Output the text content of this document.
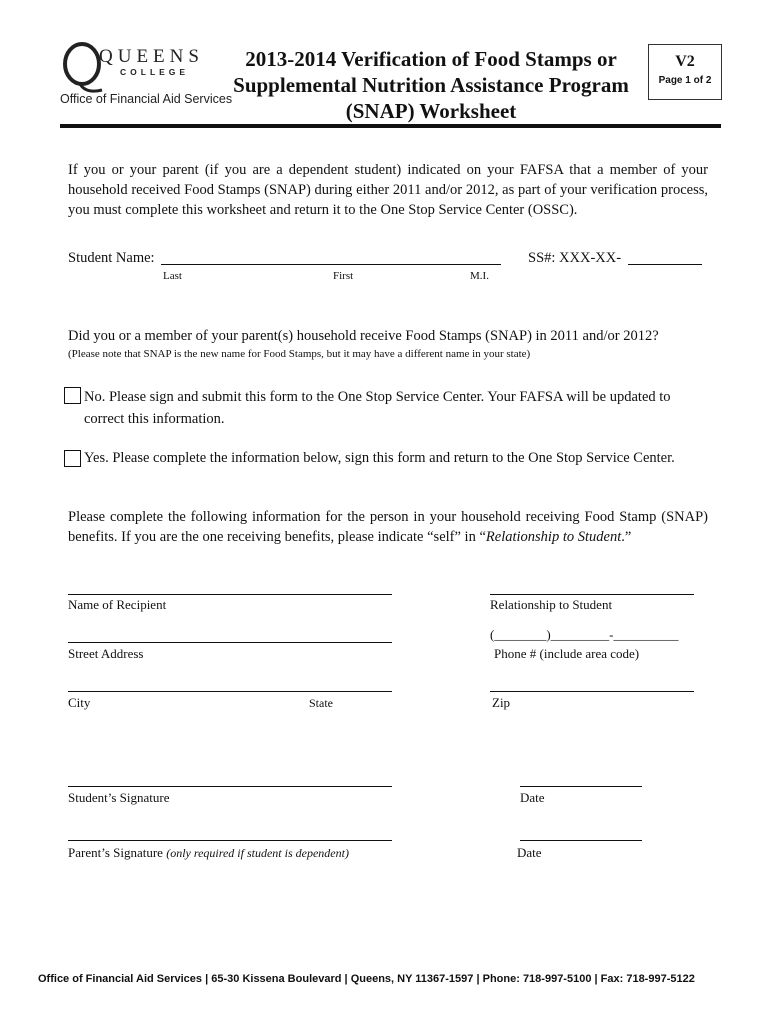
QUEENS
COLLEGE
Office of Financial Aid Services
2013-2014 Verification of Food Stamps or
Supplemental Nutrition Assistance Program
(SNAP) Worksheet
V2
Page 1 of 2
If you or your parent (if you are a dependent student) indicated on your FAFSA that a member of your household received Food Stamps (SNAP) during either 2011 and/or 2012, as part of your verification process, you must complete this worksheet and return it to the One Stop Service Center (OSSC).
Student Name:	SS#: XXX-XX-
Last	First	M.I.
Did you or a member of your parent(s) household receive Food Stamps (SNAP) in 2011 and/or 2012?
(Please note that SNAP is the new name for Food Stamps, but it may have a different name in your state)
No. Please sign and submit this form to the One Stop Service Center. Your FAFSA will be updated to correct this information.
Yes. Please complete the information below, sign this form and return to the One Stop Service Center.
Please complete the following information for the person in your household receiving Food Stamp (SNAP) benefits. If you are the one receiving benefits, please indicate “self” in “Relationship to Student.”
Name of Recipient	Relationship to Student
Street Address
(________)_________-__________
Phone # (include area code)
City	State	Zip
Student’s Signature	Date
Parent’s Signature (only required if student is dependent)	Date
Office of Financial Aid Services | 65-30 Kissena Boulevard | Queens, NY 11367-1597 | Phone: 718-997-5100 | Fax: 718-997-5122
